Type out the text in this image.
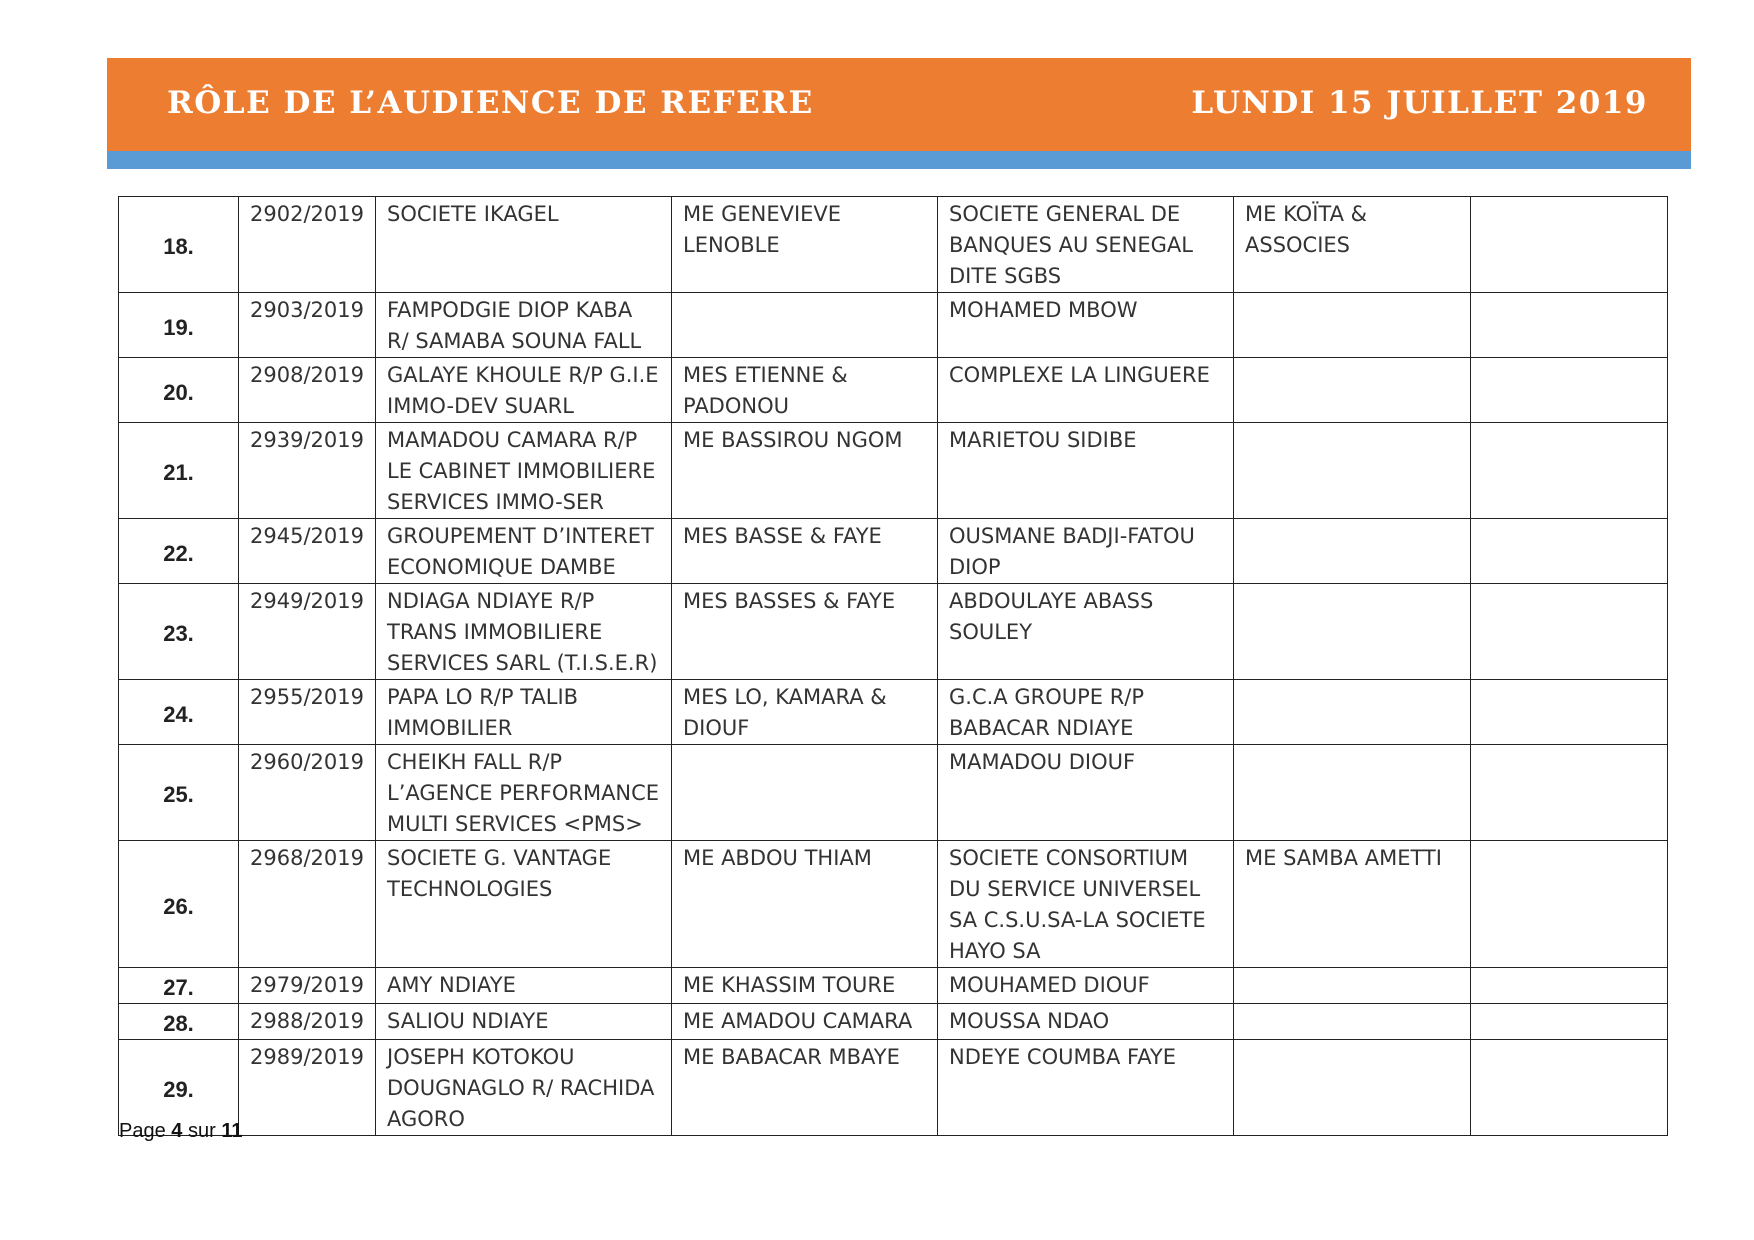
RÔLE DE L’AUDIENCE DE REFERE	LUNDI 15 JUILLET 2019
18.	2902/2019	SOCIETE IKAGEL	ME GENEVIEVE LENOBLE	SOCIETE GENERAL DE BANQUES AU SENEGAL DITE SGBS	ME KOÏTA & ASSOCIES	
19.	2903/2019	FAMPODGIE DIOP KABA R/ SAMABA SOUNA FALL		MOHAMED MBOW		
20.	2908/2019	GALAYE KHOULE R/P G.I.E IMMO-DEV SUARL	MES ETIENNE & PADONOU	COMPLEXE LA LINGUERE		
21.	2939/2019	MAMADOU CAMARA R/P LE CABINET IMMOBILIERE SERVICES IMMO-SER	ME BASSIROU NGOM	MARIETOU SIDIBE		
22.	2945/2019	GROUPEMENT D’INTERET ECONOMIQUE DAMBE	MES BASSE & FAYE	OUSMANE BADJI-FATOU DIOP		
23.	2949/2019	NDIAGA NDIAYE R/P TRANS IMMOBILIERE SERVICES SARL (T.I.S.E.R)	MES BASSES & FAYE	ABDOULAYE ABASS SOULEY		
24.	2955/2019	PAPA LO R/P TALIB IMMOBILIER	MES LO, KAMARA & DIOUF	G.C.A GROUPE R/P BABACAR NDIAYE		
25.	2960/2019	CHEIKH FALL R/P L’AGENCE PERFORMANCE MULTI SERVICES <PMS>		MAMADOU DIOUF		
26.	2968/2019	SOCIETE G. VANTAGE TECHNOLOGIES	ME ABDOU THIAM	SOCIETE CONSORTIUM DU SERVICE UNIVERSEL SA C.S.U.SA-LA SOCIETE HAYO SA	ME SAMBA AMETTI	
27.	2979/2019	AMY NDIAYE	ME KHASSIM TOURE	MOUHAMED DIOUF		
28.	2988/2019	SALIOU NDIAYE	ME AMADOU CAMARA	MOUSSA NDAO		
29.	2989/2019	JOSEPH KOTOKOU DOUGNAGLO R/ RACHIDA AGORO	ME BABACAR MBAYE	NDEYE COUMBA FAYE		
Page 4 sur 11
